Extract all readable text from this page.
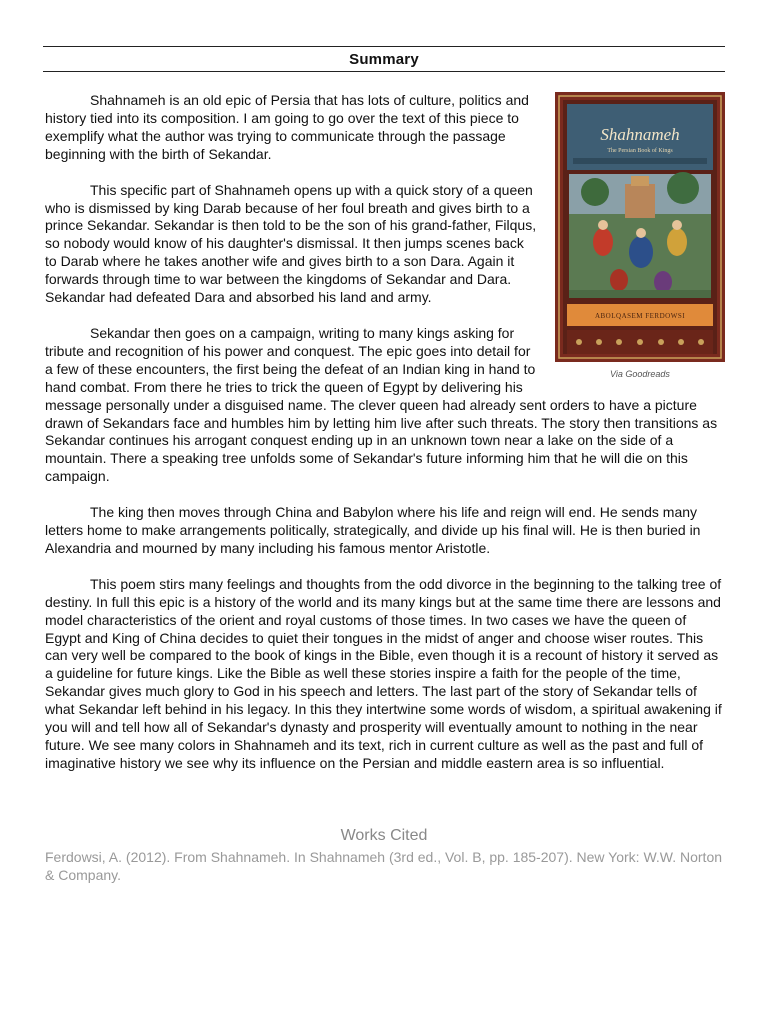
Summary
Shahnameh
The Persian Book of Kings
ABOLQASEM FERDOWSI
Via Goodreads

Shahnameh is an old epic of Persia that has lots of culture, politics and history tied into its composition. I am going to go over the text of this piece to exemplify what the author was trying to communicate through the passage beginning with the birth of Sekandar.

This specific part of Shahnameh opens up with a quick story of a queen who is dismissed by king Darab because of her foul breath and gives birth to a prince Sekandar. Sekandar is then told to be the son of his grand-father, Filqus, so nobody would know of his daughter's dismissal. It then jumps scenes back to Darab where he takes another wife and gives birth to a son Dara. Again it forwards through time to war between the kingdoms of Sekandar and Dara. Sekandar had defeated Dara and absorbed his land and army.

Sekandar then goes on a campaign, writing to many kings asking for tribute and recognition of his power and conquest. The epic goes into detail for a few of these encounters, the first being the defeat of an Indian king in hand to hand combat. From there he tries to trick the queen of Egypt by delivering his message personally under a disguised name. The clever queen had already sent orders to have a picture drawn of Sekandars face and humbles him by letting him live after such threats. The story then transitions as Sekandar continues his arrogant conquest ending up in an unknown town near a lake on the side of a mountain. There a speaking tree unfolds some of Sekandar's future informing him that he will die on this campaign.

The king then moves through China and Babylon where his life and reign will end. He sends many letters home to make arrangements politically, strategically, and divide up his final will. He is then buried in Alexandria and mourned by many including his famous mentor Aristotle.

This poem stirs many feelings and thoughts from the odd divorce in the beginning to the talking tree of destiny. In full this epic is a history of the world and its many kings but at the same time there are lessons and model characteristics of the orient and royal customs of those times. In two cases we have the queen of Egypt and King of China decides to quiet their tongues in the midst of anger and choose wiser routes. This can very well be compared to the book of kings in the Bible, even though it is a recount of history it served as a guideline for future kings. Like the Bible as well these stories inspire a faith for the people of the time, Sekandar gives much glory to God in his speech and letters. The last part of the story of Sekandar tells of what Sekandar left behind in his legacy. In this they intertwine some words of wisdom, a spiritual awakening if you will and tell how all of Sekandar's dynasty and prosperity will eventually amount to nothing in the near future. We see many colors in Shahnameh and its text, rich in current culture as well as the past and full of imaginative history we see why its influence on the Persian and middle eastern area is so influential.

Works Cited
Ferdowsi, A. (2012). From Shahnameh. In Shahnameh (3rd ed., Vol. B, pp. 185-207). New York: W.W. Norton & Company.
